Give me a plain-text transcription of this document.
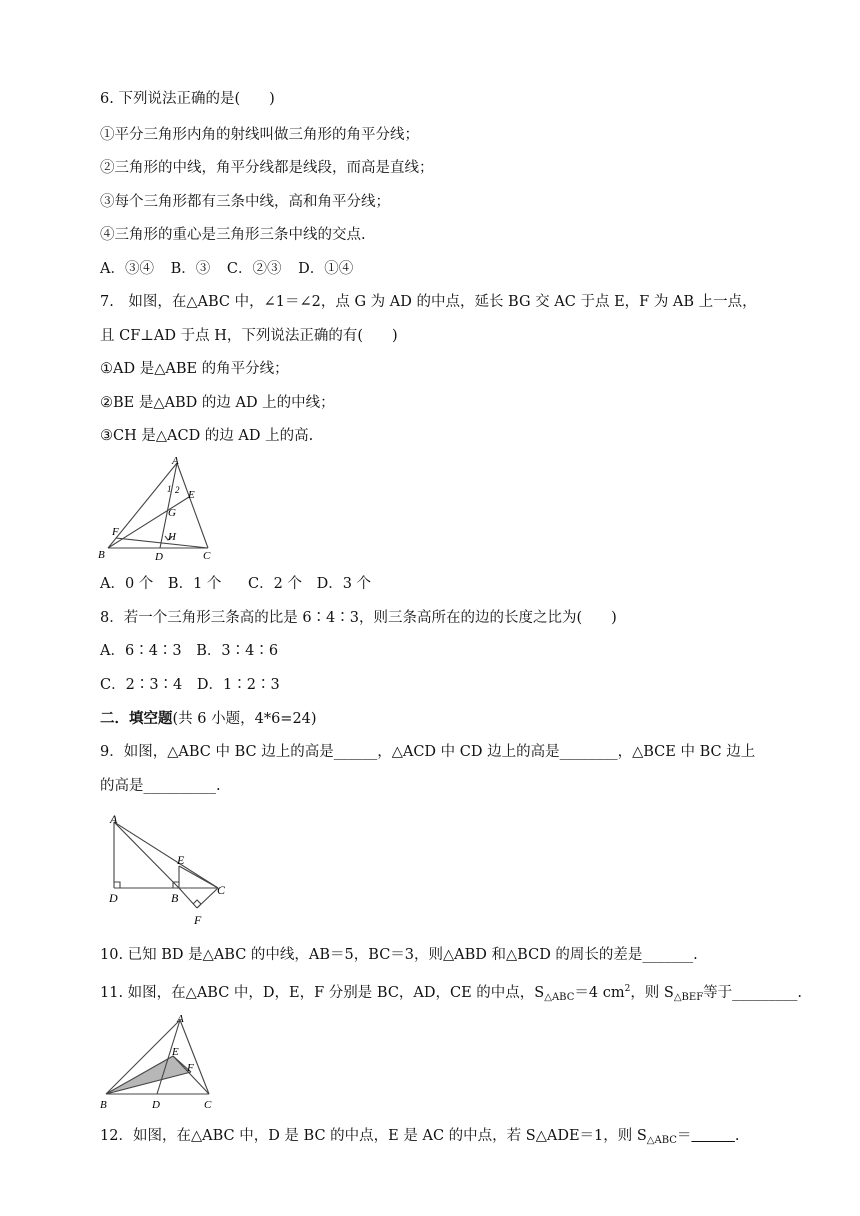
6. 下列说法正确的是(　　)
①平分三角形内角的射线叫做三角形的角平分线；
②三角形的中线，角平分线都是线段，而高是直线；
③每个三角形都有三条中线，高和角平分线；
④三角形的重心是三角形三条中线的交点.
A．③④ B．③ C．②③ D．①④
7.　如图，在△ABC 中，∠1＝∠2，点 G 为 AD 的中点，延长 BG 交 AC 于点 E，F 为 AB 上一点，
且 CF⊥AD 于点 H，下列说法正确的有(　　)
①AD 是△ABE 的角平分线；
②BE 是△ABD 的边 AD 上的中线；
③CH 是△ACD 的边 AD 上的高.
A
B	C
D
E
F
G
H
1 2
A．0 个 B．1 个 C．2 个 D．3 个
8．若一个三角形三条高的比是 6∶4∶3，则三条高所在的边的长度之比为(　　)
A．6∶4∶3 B．3∶4∶6
C．2∶3∶4 D．1∶2∶3
二．填空题(共 6 小题，4*6=24)
9．如图，△ABC 中 BC 边上的高是______，△ACD 中 CD 边上的高是________，△BCE 中 BC 边上
的高是__________.
A
D	B
C
E
F
10. 已知 BD 是△ABC 的中线，AB＝5，BC＝3，则△ABD 和△BCD 的周长的差是_______.
11. 如图，在△ABC 中，D，E，F 分别是 BC，AD，CE 的中点，$S_{\triangle ABC}=4$ $cm^2$，则 $S_{\triangle BEF}$等于_________.
A
B	C
D
E
F
12．如图，在△ABC 中，D 是 BC 的中点，E 是 AC 的中点，若 S△ADE＝1，则 $S_{\triangle ABC}=$　　　	.
